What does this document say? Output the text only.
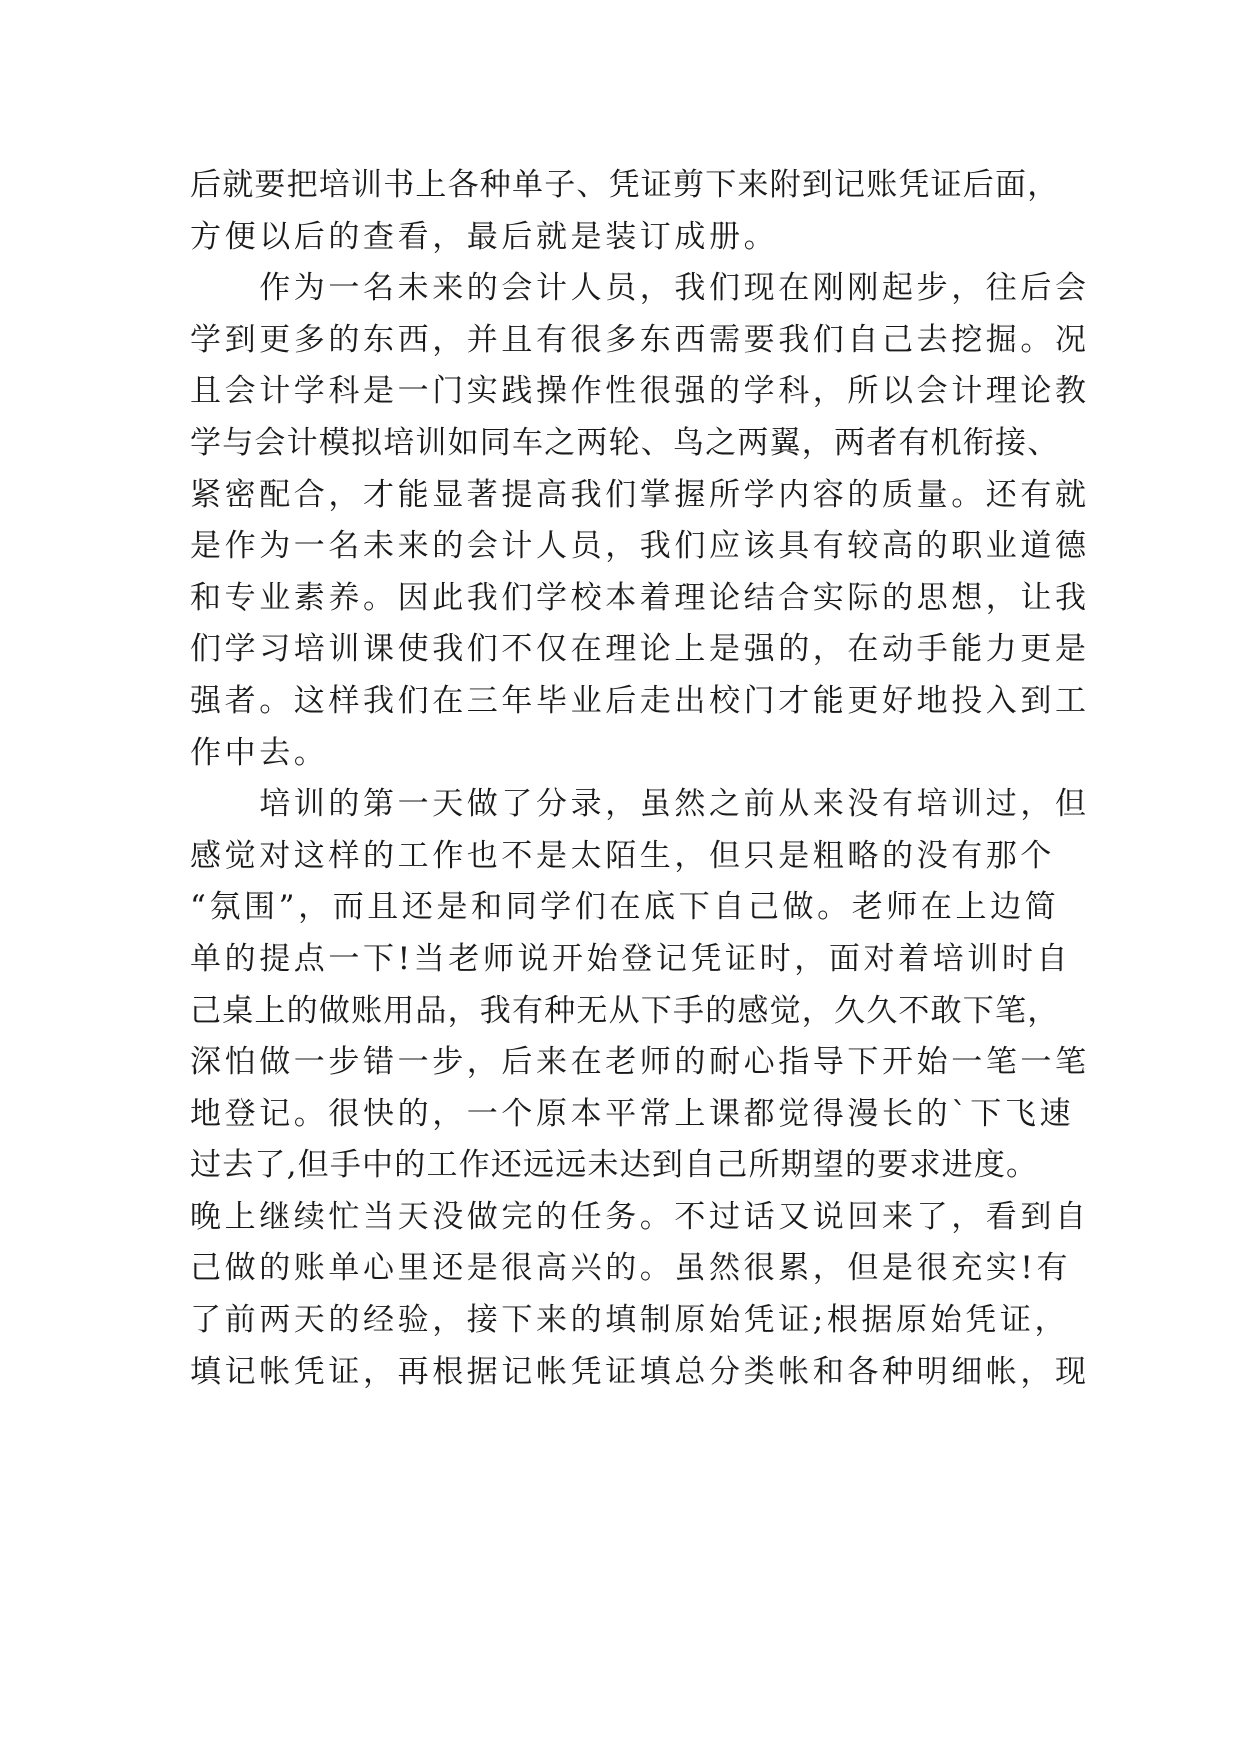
后就要把培训书上各种单子、凭证剪下来附到记账凭证后面，
方便以后的查看，最后就是装订成册。
　　作为一名未来的会计人员，我们现在刚刚起步，往后会
学到更多的东西，并且有很多东西需要我们自己去挖掘。况
且会计学科是一门实践操作性很强的学科，所以会计理论教
学与会计模拟培训如同车之两轮、鸟之两翼，两者有机衔接、
紧密配合，才能显著提高我们掌握所学内容的质量。还有就
是作为一名未来的会计人员，我们应该具有较高的职业道德
和专业素养。因此我们学校本着理论结合实际的思想，让我
们学习培训课使我们不仅在理论上是强的，在动手能力更是
强者。这样我们在三年毕业后走出校门才能更好地投入到工
作中去。
　　培训的第一天做了分录，虽然之前从来没有培训过，但
感觉对这样的工作也不是太陌生，但只是粗略的没有那个
“氛围”，而且还是和同学们在底下自己做。老师在上边简
单的提点一下!当老师说开始登记凭证时，面对着培训时自
己桌上的做账用品，我有种无从下手的感觉，久久不敢下笔，
深怕做一步错一步，后来在老师的耐心指导下开始一笔一笔
地登记。很快的，一个原本平常上课都觉得漫长的`下飞速
过去了,但手中的工作还远远未达到自己所期望的要求进度。
晚上继续忙当天没做完的任务。不过话又说回来了，看到自
己做的账单心里还是很高兴的。虽然很累，但是很充实!有
了前两天的经验，接下来的填制原始凭证;根据原始凭证，
填记帐凭证，再根据记帐凭证填总分类帐和各种明细帐，现
